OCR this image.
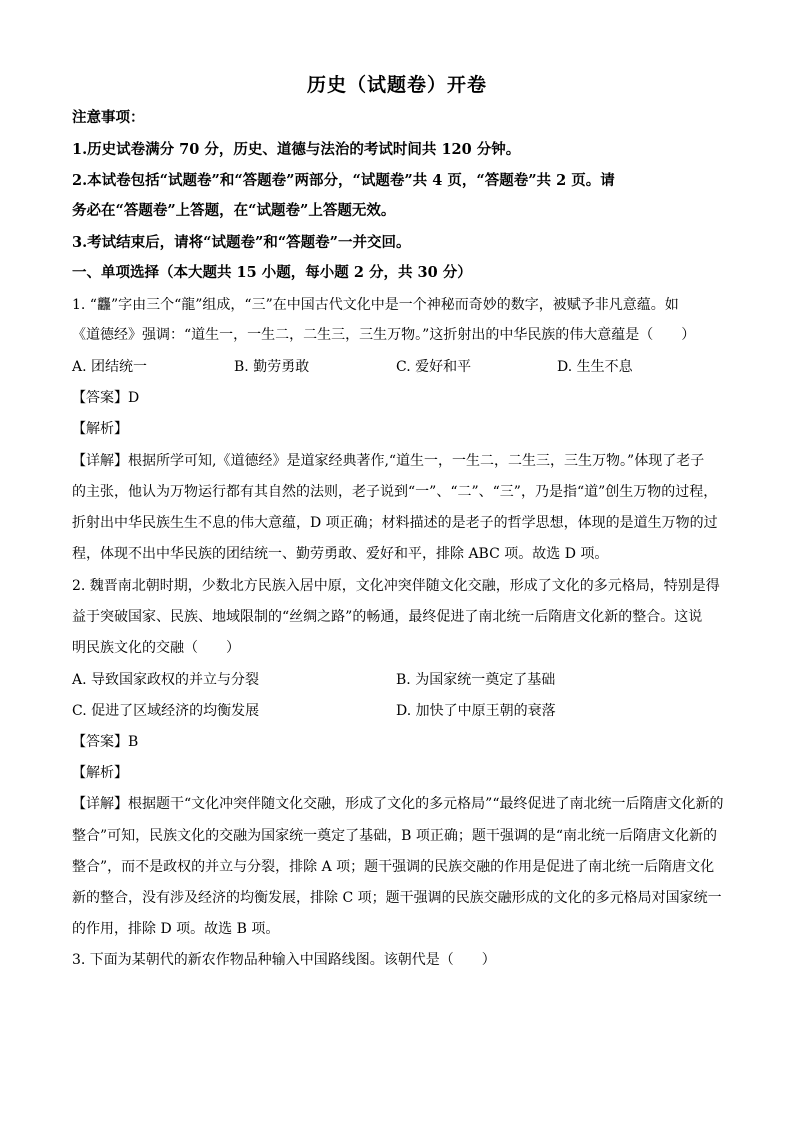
历史（试题卷）开卷
注意事项：
1.历史试卷满分 70 分，历史、道德与法治的考试时间共 120 分钟。
2.本试卷包括“试题卷”和“答题卷”两部分，“试题卷”共 4 页，“答题卷”共 2 页。请
务必在“答题卷”上答题，在“试题卷”上答题无效。
3.考试结束后，请将“试题卷”和“答题卷”一并交回。
一、单项选择（本大题共 15 小题，每小题 2 分，共 30 分）
1. “龘”字由三个“龍”组成，“三”在中国古代文化中是一个神秘而奇妙的数字，被赋予非凡意蕴。如
《道德经》强调：“道生一，一生二，二生三，三生万物。”这折射出的中华民族的伟大意蕴是（　　）
A. 团结统一	B. 勤劳勇敢	C. 爱好和平	D. 生生不息
【答案】D
【解析】
【详解】根据所学可知,《道德经》是道家经典著作,“道生一，一生二，二生三，三生万物。”体现了老子
的主张，他认为万物运行都有其自然的法则，老子说到“一”、“二”、“三”，乃是指“道”创生万物的过程，
折射出中华民族生生不息的伟大意蕴，D 项正确；材料描述的是老子的哲学思想，体现的是道生万物的过
程，体现不出中华民族的团结统一、勤劳勇敢、爱好和平，排除 ABC 项。故选 D 项。
2. 魏晋南北朝时期，少数北方民族入居中原，文化冲突伴随文化交融，形成了文化的多元格局，特别是得
益于突破国家、民族、地域限制的“丝绸之路”的畅通，最终促进了南北统一后隋唐文化新的整合。这说
明民族文化的交融（　　）
A. 导致国家政权的并立与分裂	B. 为国家统一奠定了基础
C. 促进了区域经济的均衡发展	D. 加快了中原王朝的衰落
【答案】B
【解析】
【详解】根据题干“文化冲突伴随文化交融，形成了文化的多元格局”“最终促进了南北统一后隋唐文化新的
整合”可知，民族文化的交融为国家统一奠定了基础，B 项正确；题干强调的是“南北统一后隋唐文化新的
整合”，而不是政权的并立与分裂，排除 A 项；题干强调的民族交融的作用是促进了南北统一后隋唐文化
新的整合，没有涉及经济的均衡发展，排除 C 项；题干强调的民族交融形成的文化的多元格局对国家统一
的作用，排除 D 项。故选 B 项。
3. 下面为某朝代的新农作物品种输入中国路线图。该朝代是（　　）
